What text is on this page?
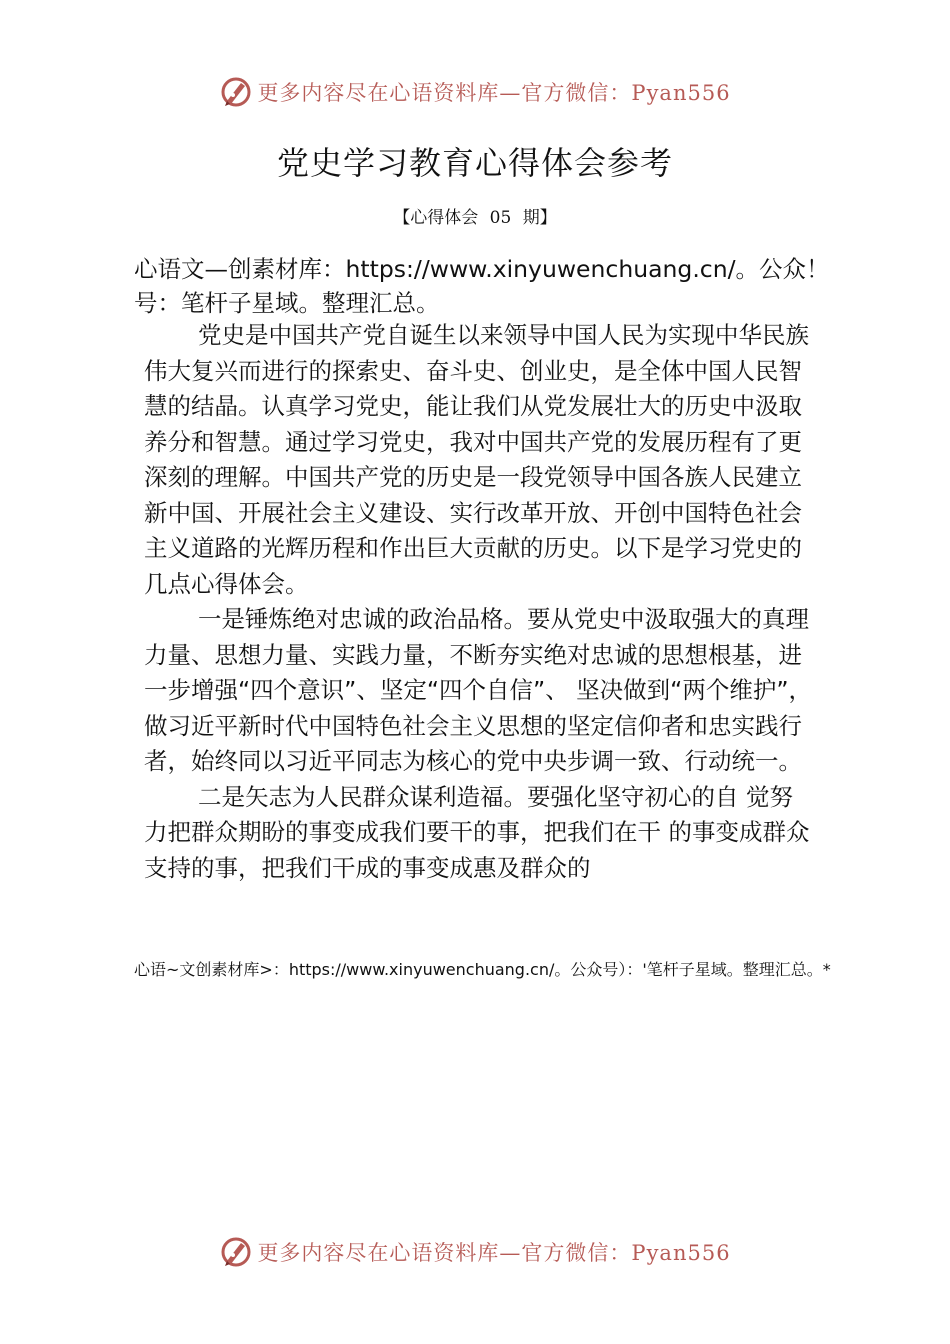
更多内容尽在心语资料库—官方微信：Pyan556
党史学习教育心得体会参考
【心得体会 05 期】
心语文—创素材库：https://www.xinyuwenchuang.cn/。公众！号：笔杆子星域。整理汇总。

党史是中国共产党自诞生以来领导中国人民为实现中华民族伟大复兴而进行的探索史、奋斗史、创业史，是全体中国人民智慧的结晶。认真学习党史，能让我们从党发展壮大的历史中汲取养分和智慧。通过学习党史，我对中国共产党的发展历程有了更深刻的理解。中国共产党的历史是一段党领导中国各族人民建立新中国、开展社会主义建设、实行改革开放、开创中国特色社会主义道路的光辉历程和作出巨大贡献的历史。以下是学习党史的几点心得体会。

一是锤炼绝对忠诚的政治品格。要从党史中汲取强大的真理力量、思想力量、实践力量，不断夯实绝对忠诚的思想根基，进一步增强“四个意识”、坚定“四个自信”、 坚决做到“两个维护”，做习近平新时代中国特色社会主义思想的坚定信仰者和忠实践行者，始终同以习近平同志为核心的党中央步调一致、行动统一。

二是矢志为人民群众谋利造福。要强化坚守初心的自 觉努力把群众期盼的事变成我们要干的事，把我们在干 的事变成群众支持的事，把我们干成的事变成惠及群众的

心语~文创素材库>：https://www.xinyuwenchuang.cn/。公众号）：'笔杆子星域。整理汇总。*
更多内容尽在心语资料库—官方微信：Pyan556
